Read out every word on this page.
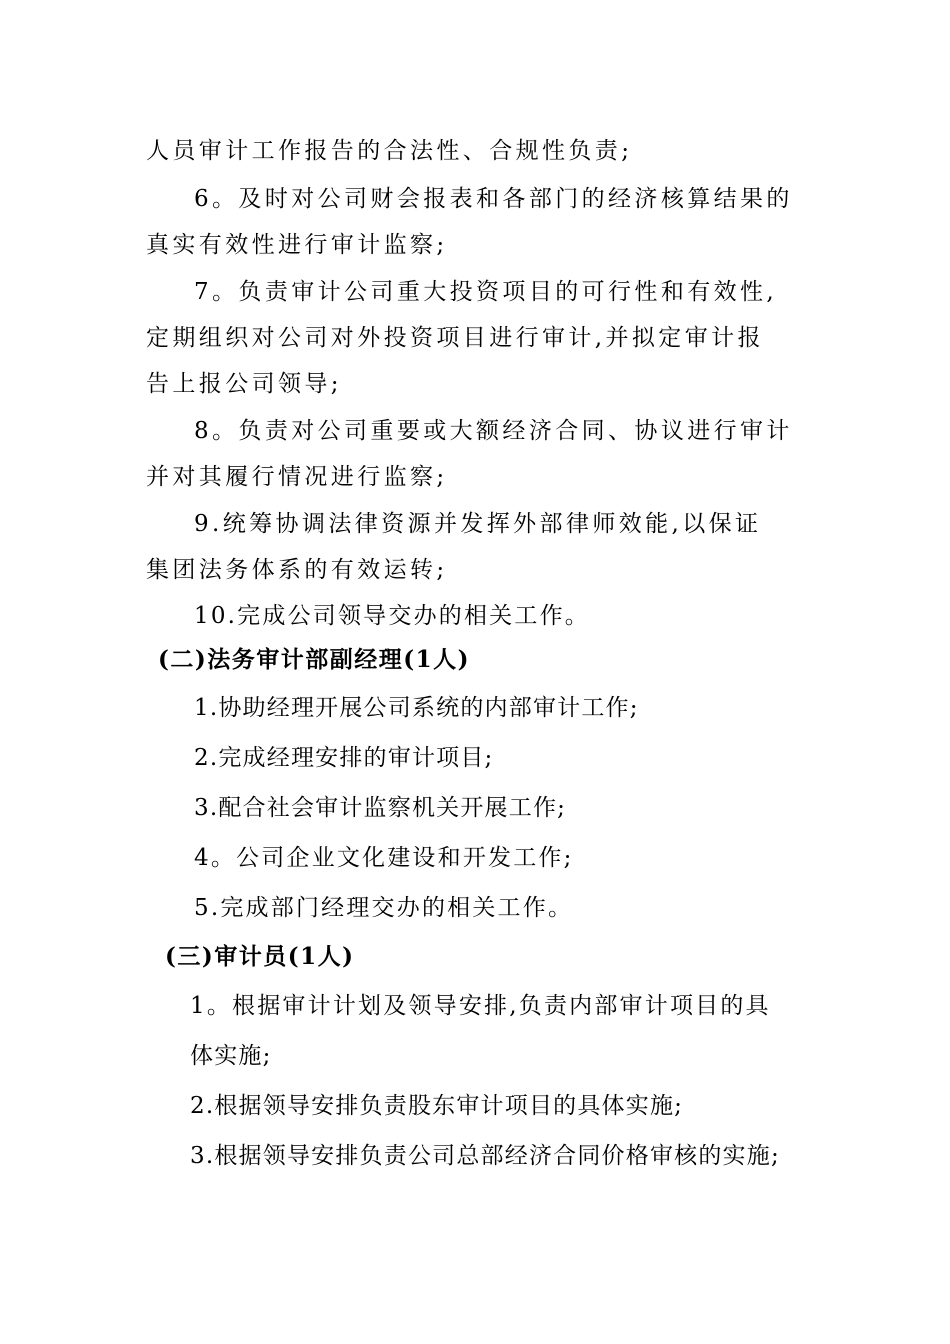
人员审计工作报告的合法性、合规性负责;
6。及时对公司财会报表和各部门的经济核算结果的
真实有效性进行审计监察;
7。负责审计公司重大投资项目的可行性和有效性,
定期组织对公司对外投资项目进行审计,并拟定审计报
告上报公司领导;
8。负责对公司重要或大额经济合同、协议进行审计
并对其履行情况进行监察;
9.统筹协调法律资源并发挥外部律师效能,以保证
集团法务体系的有效运转;
10.完成公司领导交办的相关工作。
(二)法务审计部副经理(1人)
1.协助经理开展公司系统的内部审计工作;
2.完成经理安排的审计项目;
3.配合社会审计监察机关开展工作;
4。公司企业文化建设和开发工作;
5.完成部门经理交办的相关工作。
(三)审计员(1人)
1。根据审计计划及领导安排,负责内部审计项目的具
体实施;
2.根据领导安排负责股东审计项目的具体实施;
3.根据领导安排负责公司总部经济合同价格审核的实施;
